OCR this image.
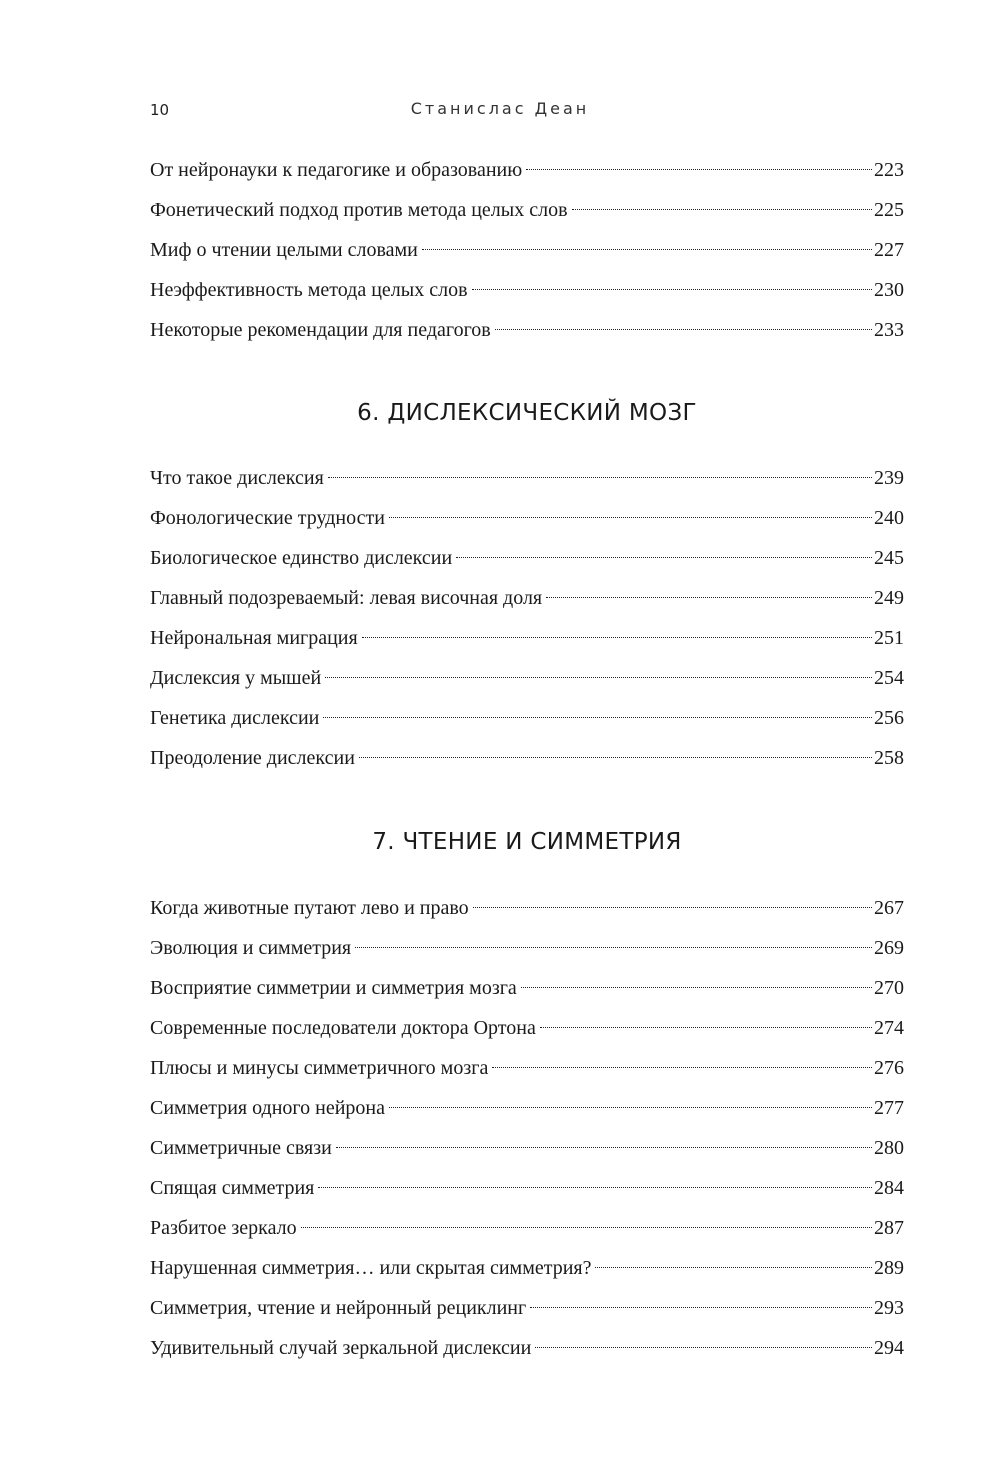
10	Станислас Деан
От нейронауки к педагогике и образованию	223
Фонетический подход против метода целых слов	225
Миф о чтении целыми словами	227
Неэффективность метода целых слов	230
Некоторые рекомендации для педагогов	233
6. ДИСЛЕКСИЧЕСКИЙ МОЗГ
Что такое дислексия	239
Фонологические трудности	240
Биологическое единство дислексии	245
Главный подозреваемый: левая височная доля	249
Нейрональная миграция	251
Дислексия у мышей	254
Генетика дислексии	256
Преодоление дислексии	258
7. ЧТЕНИЕ И СИММЕТРИЯ
Когда животные путают лево и право	267
Эволюция и симметрия	269
Восприятие симметрии и симметрия мозга	270
Современные последователи доктора Ортона	274
Плюсы и минусы симметричного мозга	276
Симметрия одного нейрона	277
Симметричные связи	280
Спящая симметрия	284
Разбитое зеркало	287
Нарушенная симметрия… или скрытая симметрия?	289
Симметрия, чтение и нейронный рециклинг	293
Удивительный случай зеркальной дислексии	294
